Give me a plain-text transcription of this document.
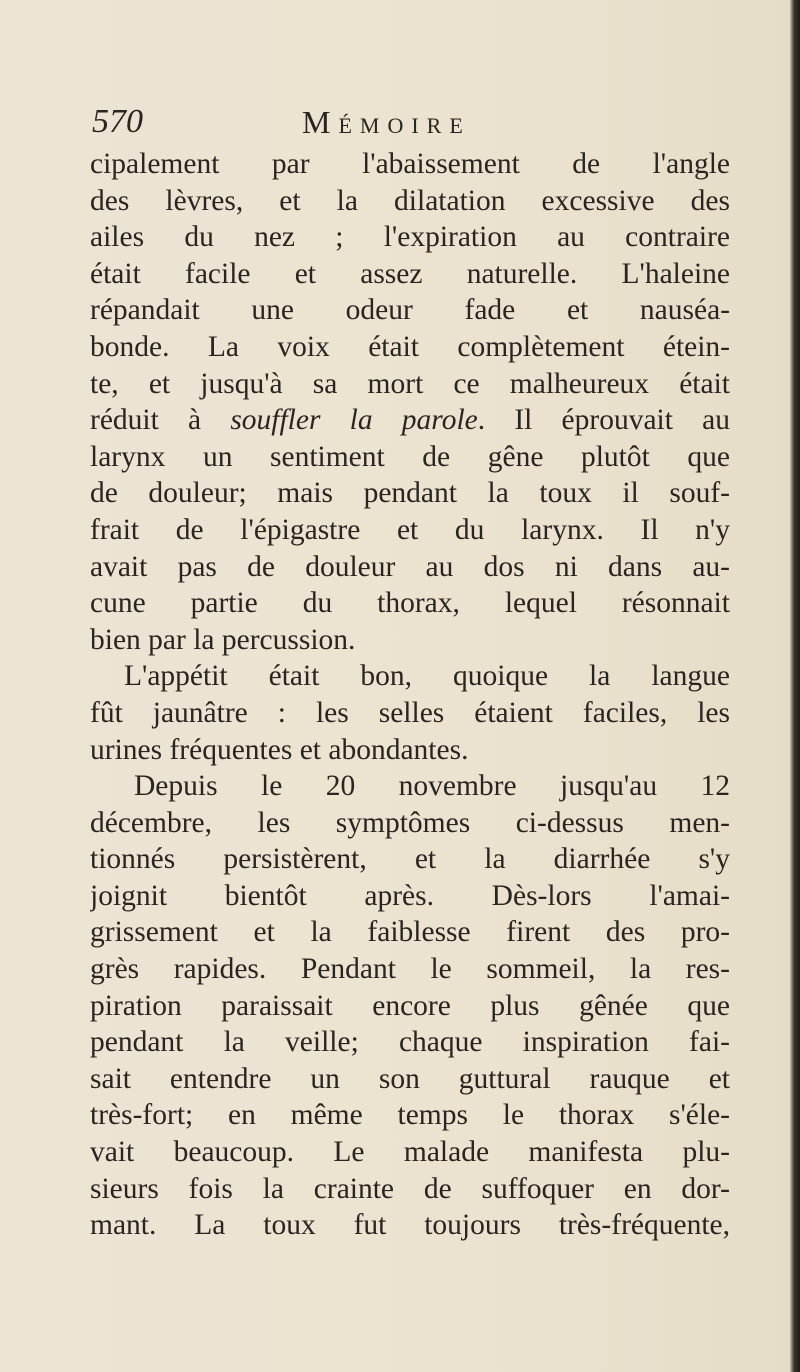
570	Mémoire
cipalement par l'abaissement de l'angle
des lèvres, et la dilatation excessive des
ailes du nez ; l'expiration au contraire
était facile et assez naturelle. L'haleine
répandait une odeur fade et nauséa-
bonde. La voix était complètement étein-
te, et jusqu'à sa mort ce malheureux était
réduit à souffler la parole. Il éprouvait au
larynx un sentiment de gêne plutôt que
de douleur; mais pendant la toux il souf-
frait de l'épigastre et du larynx. Il n'y
avait pas de douleur au dos ni dans au-
cune partie du thorax, lequel résonnait
bien par la percussion.
L'appétit était bon, quoique la langue
fût jaunâtre : les selles étaient faciles, les
urines fréquentes et abondantes.
Depuis le 20 novembre jusqu'au 12
décembre, les symptômes ci-dessus men-
tionnés persistèrent, et la diarrhée s'y
joignit bientôt après. Dès-lors l'amai-
grissement et la faiblesse firent des pro-
grès rapides. Pendant le sommeil, la res-
piration paraissait encore plus gênée que
pendant la veille; chaque inspiration fai-
sait entendre un son guttural rauque et
très-fort; en même temps le thorax s'éle-
vait beaucoup. Le malade manifesta plu-
sieurs fois la crainte de suffoquer en dor-
mant. La toux fut toujours très-fréquente,
